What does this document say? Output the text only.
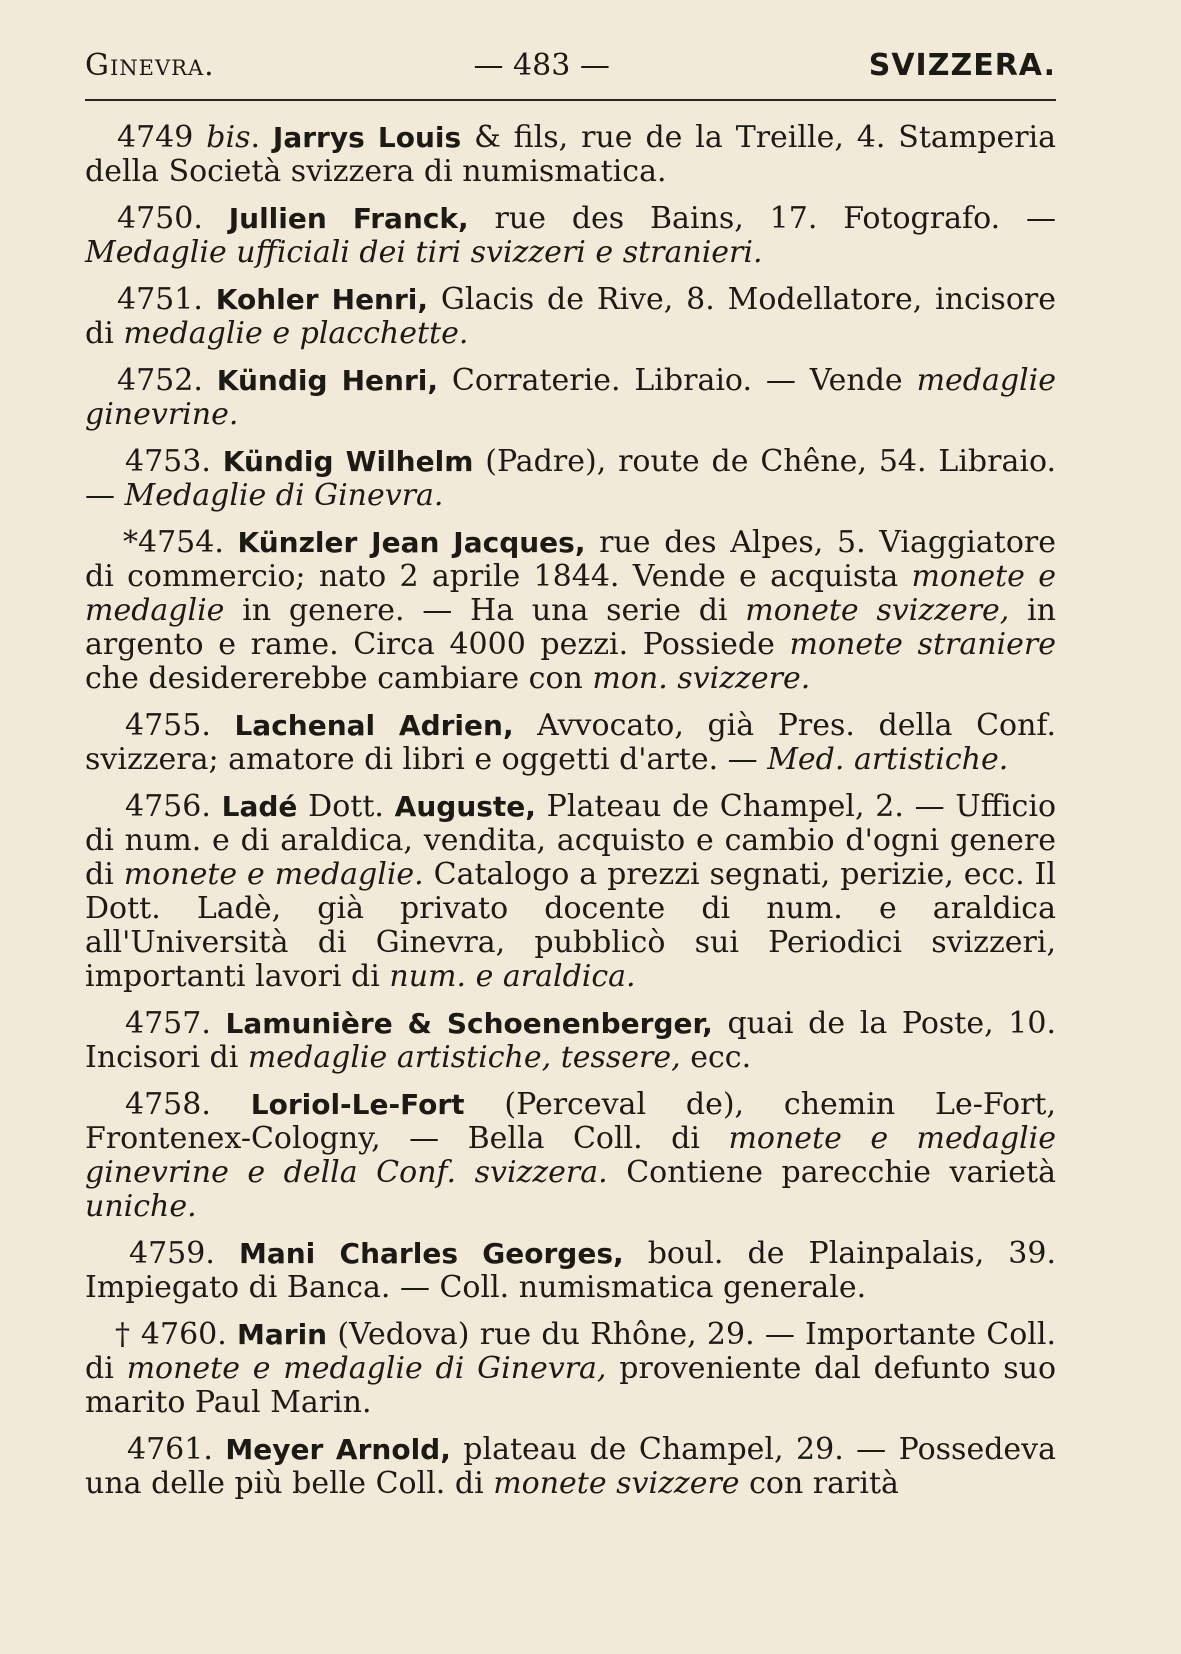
Ginevra.	— 483 —	SVIZZERA.

4749 bis. Jarrys Louis & fils, rue de la Treille, 4. Stamperia della Società svizzera di numismatica.

4750. Jullien Franck, rue des Bains, 17. Fotografo. — Medaglie ufficiali dei tiri svizzeri e stranieri.

4751. Kohler Henri, Glacis de Rive, 8. Modellatore, incisore di medaglie e placchette.

4752. Kündig Henri, Corraterie. Libraio. — Vende medaglie ginevrine.

4753. Kündig Wilhelm (Padre), route de Chêne, 54. Libraio. — Medaglie di Ginevra.

*4754. Künzler Jean Jacques, rue des Alpes, 5. Viaggiatore di commercio; nato 2 aprile 1844. Vende e acquista monete e medaglie in genere. — Ha una serie di monete svizzere, in argento e rame. Circa 4000 pezzi. Possiede monete straniere che desidererebbe cambiare con mon. svizzere.

4755. Lachenal Adrien, Avvocato, già Pres. della Conf. svizzera; amatore di libri e oggetti d'arte. — Med. artistiche.

4756. Ladé Dott. Auguste, Plateau de Champel, 2. — Ufficio di num. e di araldica, vendita, acquisto e cambio d'ogni genere di monete e medaglie. Catalogo a prezzi segnati, perizie, ecc. Il Dott. Ladè, già privato docente di num. e araldica all'Università di Ginevra, pubblicò sui Periodici svizzeri, importanti lavori di num. e araldica.

4757. Lamunière & Schoenenberger, quai de la Poste, 10. Incisori di medaglie artistiche, tessere, ecc.

4758. Loriol-Le-Fort (Perceval de), chemin Le-Fort, Frontenex-Cologny, — Bella Coll. di monete e medaglie ginevrine e della Conf. svizzera. Contiene parecchie varietà uniche.

4759. Mani Charles Georges, boul. de Plainpalais, 39. Impiegato di Banca. — Coll. numismatica generale.

† 4760. Marin (Vedova) rue du Rhône, 29. — Importante Coll. di monete e medaglie di Ginevra, proveniente dal defunto suo marito Paul Marin.

4761. Meyer Arnold, plateau de Champel, 29. — Possedeva una delle più belle Coll. di monete svizzere con rarità
